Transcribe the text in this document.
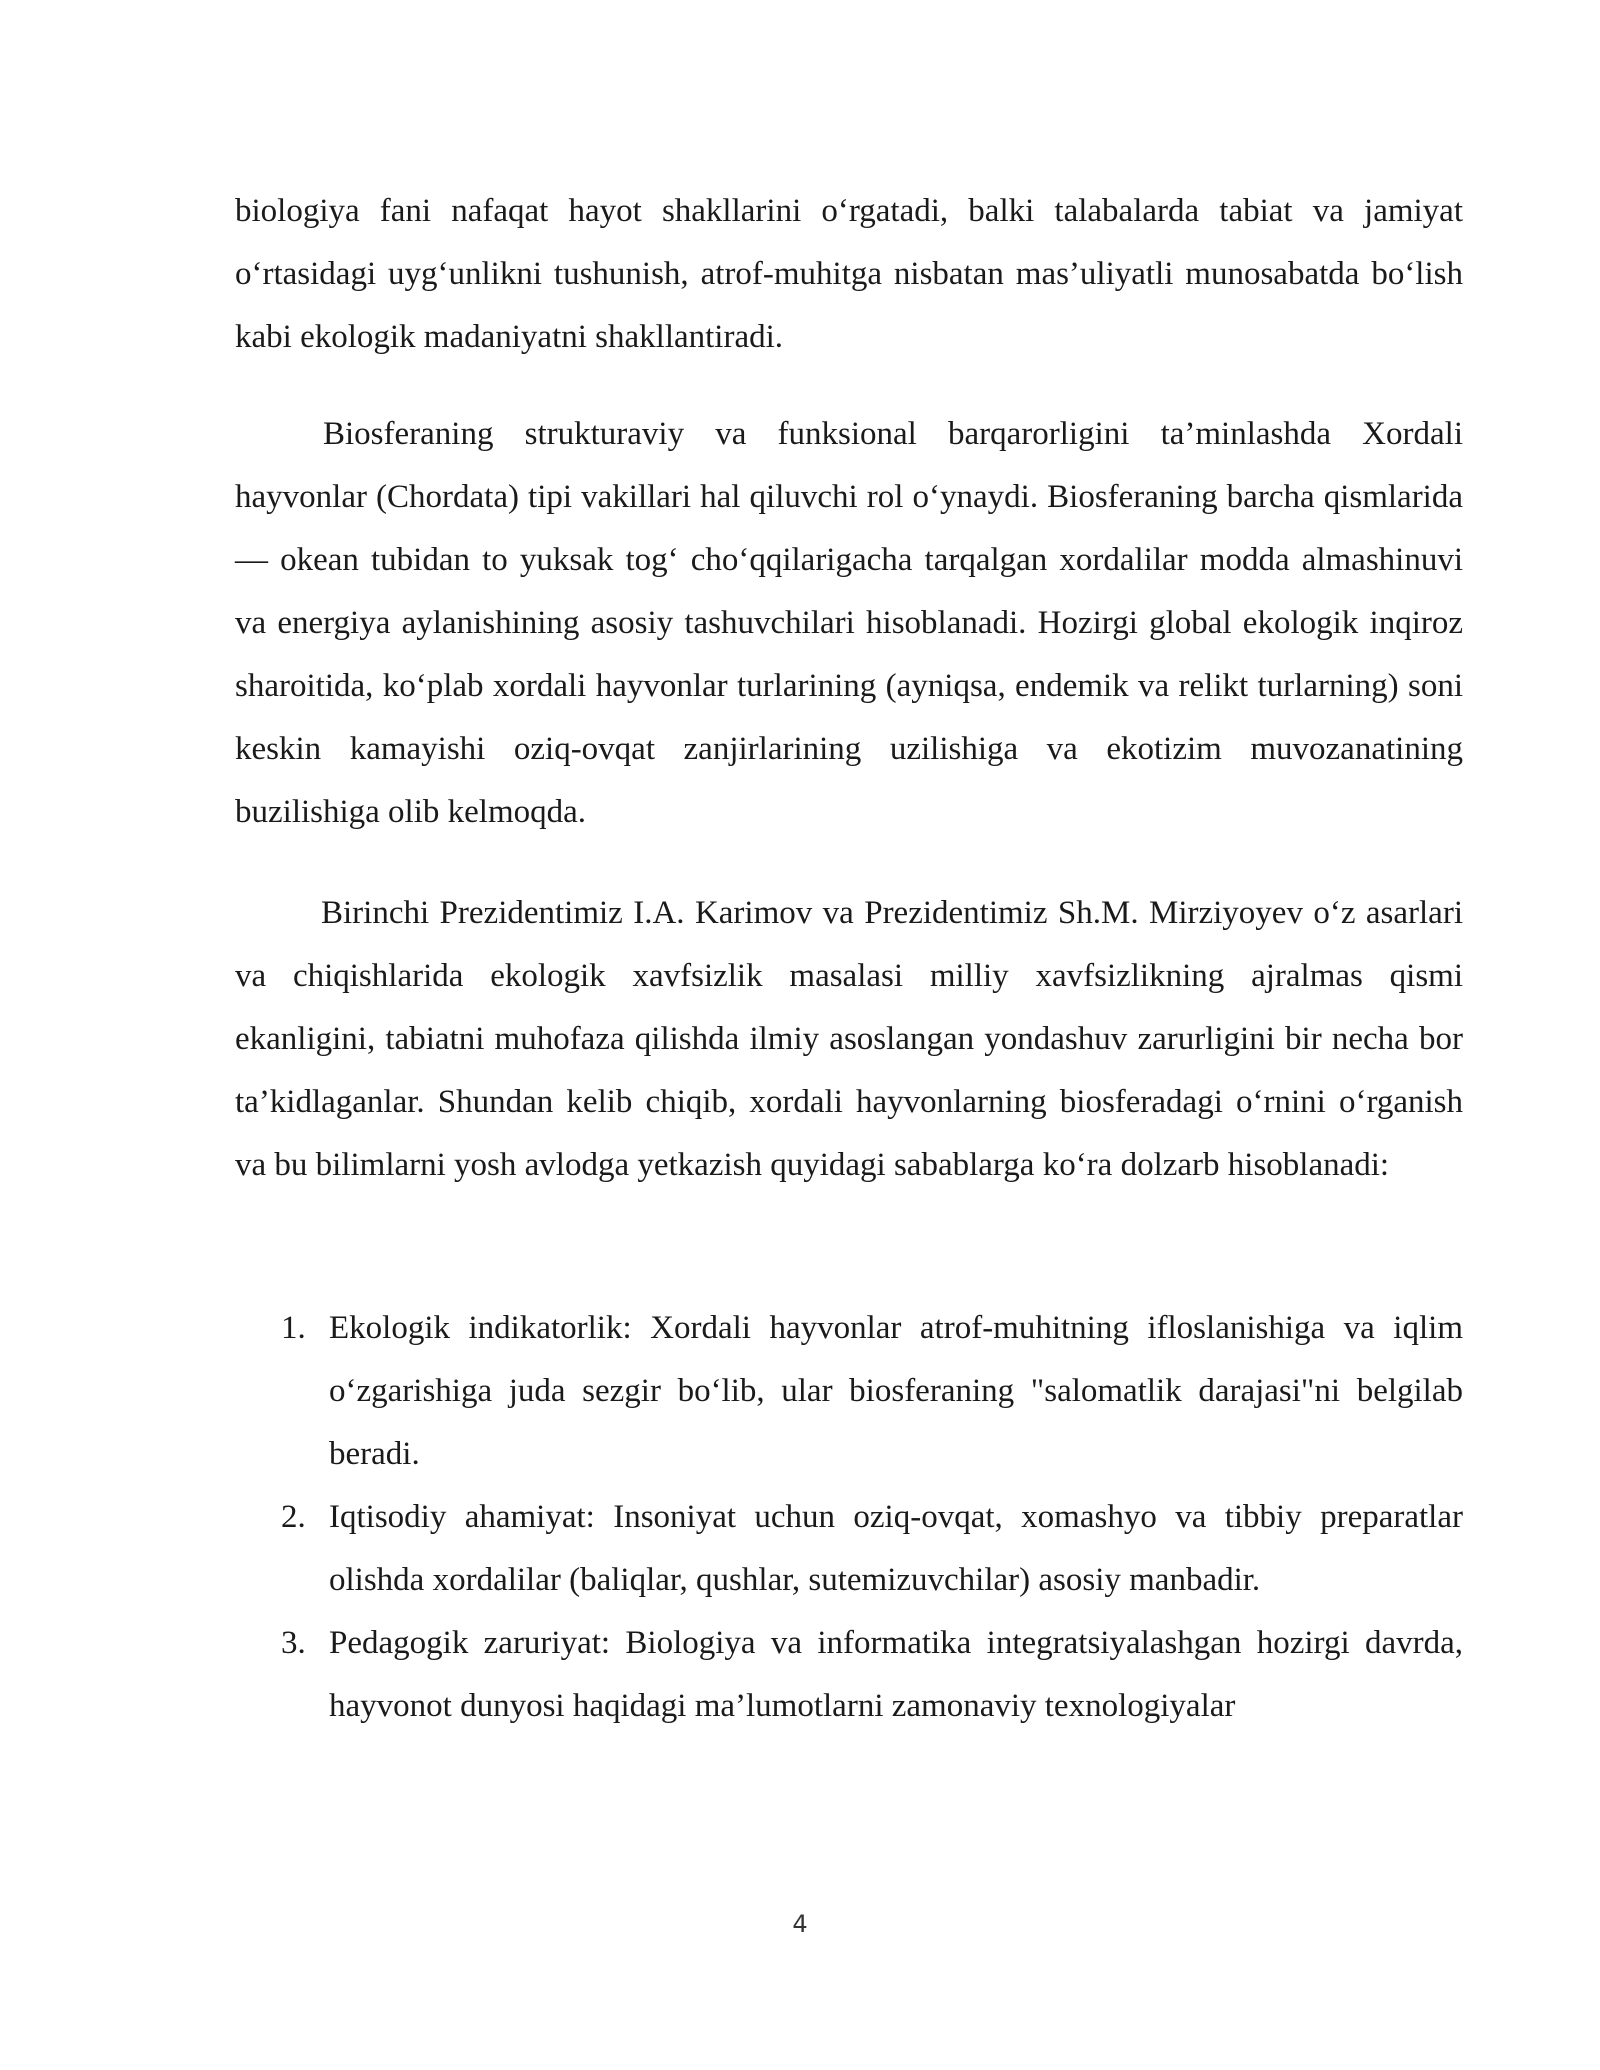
biologiya fani nafaqat hayot shakllarini o‘rgatadi, balki talabalarda tabiat va jamiyat o‘rtasidagi uyg‘unlikni tushunish, atrof-muhitga nisbatan mas’uliyatli munosabatda bo‘lish kabi ekologik madaniyatni shakllantiradi.

Biosferaning strukturaviy va funksional barqarorligini ta’minlashda Xordali hayvonlar (Chordata) tipi vakillari hal qiluvchi rol o‘ynaydi. Biosferaning barcha qismlarida — okean tubidan to yuksak tog‘ cho‘qqilarigacha tarqalgan xordalilar modda almashinuvi va energiya aylanishining asosiy tashuvchilari hisoblanadi. Hozirgi global ekologik inqiroz sharoitida, ko‘plab xordali hayvonlar turlarining (ayniqsa, endemik va relikt turlarning) soni keskin kamayishi oziq-ovqat zanjirlarining uzilishiga va ekotizim muvozanatining buzilishiga olib kelmoqda.

Birinchi Prezidentimiz I.A. Karimov va Prezidentimiz Sh.M. Mirziyoyev o‘z asarlari va chiqishlarida ekologik xavfsizlik masalasi milliy xavfsizlikning ajralmas qismi ekanligini, tabiatni muhofaza qilishda ilmiy asoslangan yondashuv zarurligini bir necha bor ta’kidlaganlar. Shundan kelib chiqib, xordali hayvonlarning biosferadagi o‘rnini o‘rganish va bu bilimlarni yosh avlodga yetkazish quyidagi sabablarga ko‘ra dolzarb hisoblanadi:

1. Ekologik indikatorlik: Xordali hayvonlar atrof-muhitning ifloslanishiga va iqlim o‘zgarishiga juda sezgir bo‘lib, ular biosferaning "salomatlik darajasi"ni belgilab beradi.
2. Iqtisodiy ahamiyat: Insoniyat uchun oziq-ovqat, xomashyo va tibbiy preparatlar olishda xordalilar (baliqlar, qushlar, sutemizuvchilar) asosiy manbadir.
3. Pedagogik zaruriyat: Biologiya va informatika integratsiyalashgan hozirgi davrda, hayvonot dunyosi haqidagi ma’lumotlarni zamonaviy texnologiyalar
4
